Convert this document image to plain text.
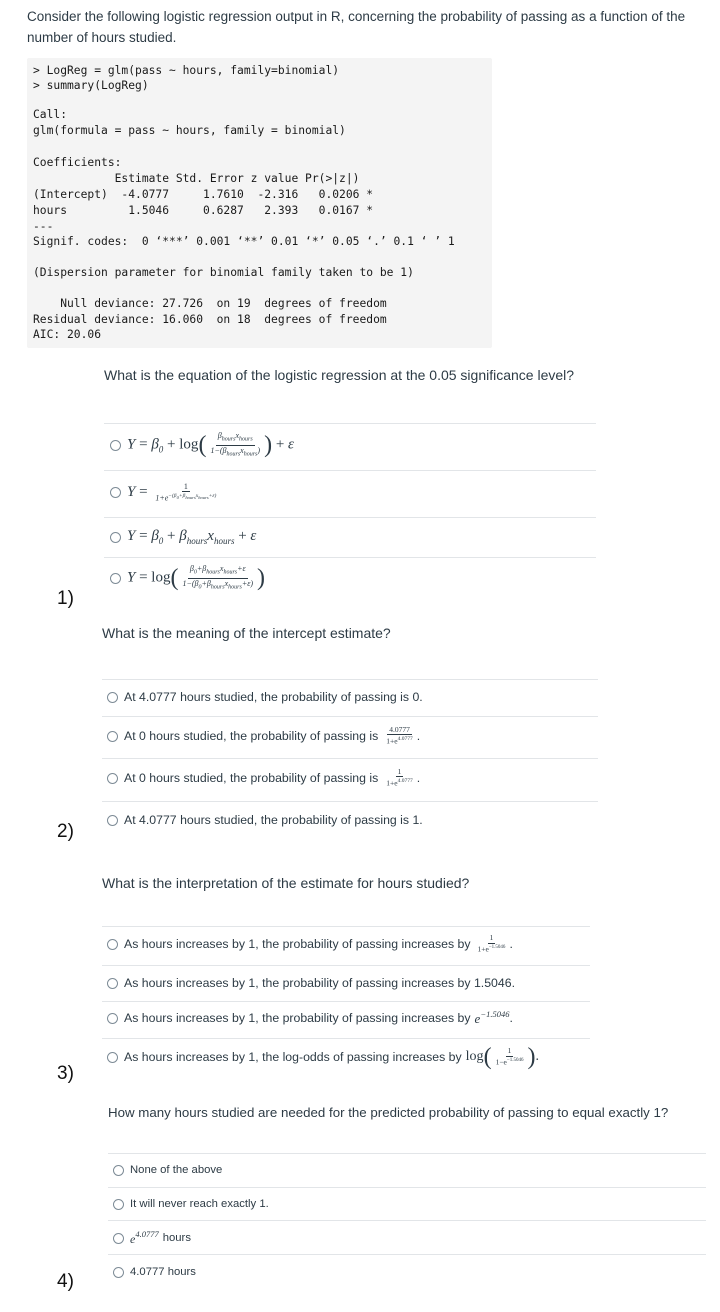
Consider the following logistic regression output in R, concerning the probability of passing as a function of the number of hours studied.
> LogReg = glm(pass ~ hours, family=binomial)
> summary(LogReg)
Call:
glm(formula = pass ~ hours, family = binomial)
Coefficients:
Estimate Std. Error z value Pr(>|z|)
(Intercept)  -4.0777     1.7610  -2.316   0.0206 *
hours         1.5046     0.6287   2.393   0.0167 *
---
Signif. codes:  0 ‘***’ 0.001 ‘**’ 0.01 ‘*’ 0.05 ‘.’ 0.1 ‘ ’ 1
(Dispersion parameter for binomial family taken to be 1)
Null deviance: 27.726  on 19  degrees of freedom
Residual deviance: 16.060  on 18  degrees of freedom
AIC: 20.06
What is the equation of the logistic regression at the 0.05 significance level?
$Y = \beta_0 + \log( \frac{\beta_{hours}x_{hours}}{1-(\beta_{hours}x_{hours})}$ ) + ε
$Y = \frac{1}{1+e^{-(\beta_0+\beta_{hours}x_{hours}+\varepsilon)}}$
$Y = \beta_0 + \beta_{hours}x_{hours} + \varepsilon$
$Y = \log( \frac{\beta_0+\beta_{hours}x_{hours}+\varepsilon}{1-(\beta_0+\beta_{hours}x_{hours}+\varepsilon)}$ )
1)
What is the meaning of the intercept estimate?
At 4.0777 hours studied, the probability of passing is 0.
At 0 hours studied, the probability of passing is $\frac{4.0777}{1+e^{4.0777}}$ .
At 0 hours studied, the probability of passing is $\frac{1}{1+e^{4.0777}}$ .
At 4.0777 hours studied, the probability of passing is 1.
2)
What is the interpretation of the estimate for hours studied?
As hours increases by 1, the probability of passing increases by $\frac{1}{1+e^{-1.5046}}$ .
As hours increases by 1, the probability of passing increases by 1.5046.
As hours increases by 1, the probability of passing increases by $e^{-1.5046}$ .
As hours increases by 1, the log-odds of passing increases by $\log( \frac{1}{1-e^{-1.5046}}$ ).
3)
How many hours studied are needed for the predicted probability of passing to equal exactly 1?
None of the above
It will never reach exactly 1.
$e^{4.0777}$ hours
4.0777 hours
4)
